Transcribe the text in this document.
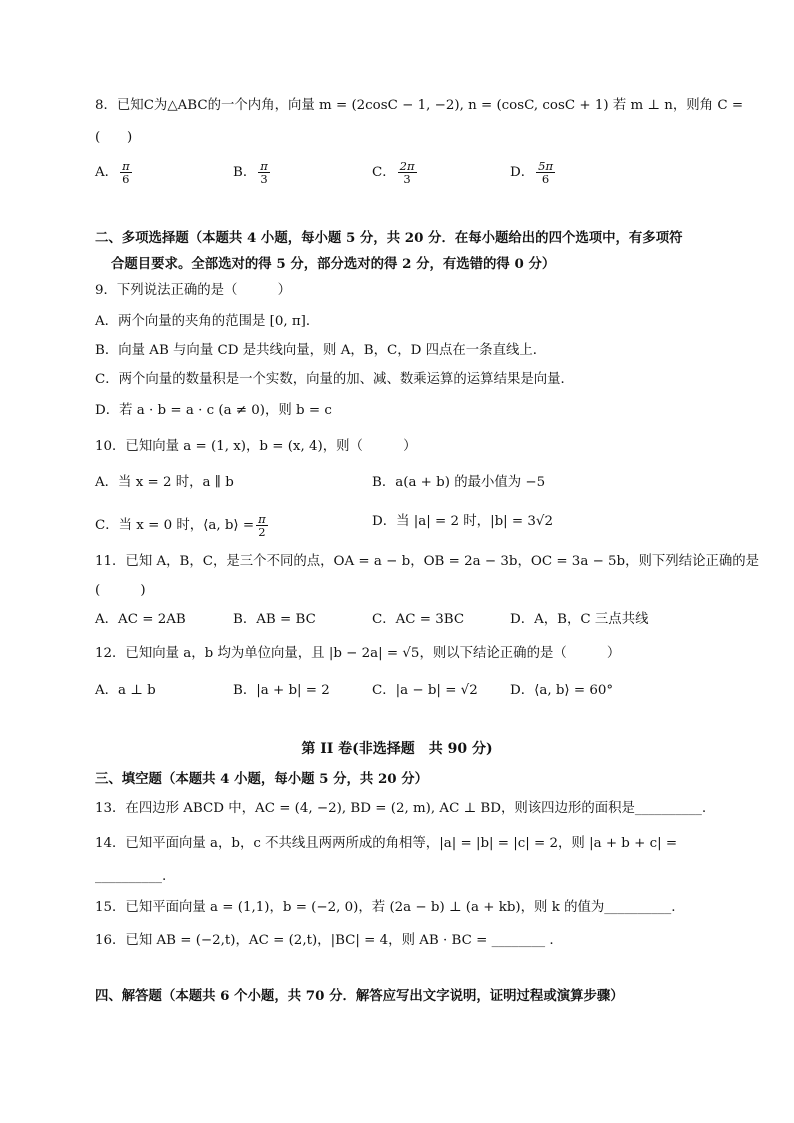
8．已知C为△ABC的一个内角，向量 m = (2cosC − 1, −2), n = (cosC, cosC + 1) 若 m ⊥ n，则角 C =
(　　)
A． $\frac{\pi}{6}$	B． $\frac{\pi}{3}$	C． $\frac{2\pi}{3}$	D． $\frac{5\pi}{6}$
二、多项选择题（本题共 4 小题，每小题 5 分，共 20 分．在每小题给出的四个选项中，有多项符
合题目要求。全部选对的得 5 分，部分选对的得 2 分，有选错的得 0 分）
9．下列说法正确的是（　　　）
A．两个向量的夹角的范围是 [0, π]．
B．向量 AB 与向量 CD 是共线向量，则 A，B，C，D 四点在一条直线上．
C．两个向量的数量积是一个实数，向量的加、减、数乘运算的运算结果是向量．
D．若 a · b = a · c (a ≠ 0)，则 b = c
10．已知向量 a = (1, x)，b = (x, 4)，则（　　　）
A．当 x = 2 时，a ∥ b	B．a(a + b) 的最小值为 −5
C．当 x = 0 时，⟨a, b⟩ = $\frac{\pi}{2}$	D．当 |a| = 2 时，|b| = 3√2
11．已知 A，B，C，是三个不同的点，OA = a − b，OB = 2a − 3b，OC = 3a − 5b，则下列结论正确的是
(　　　)
A．AC = 2AB	B．AB = BC	C．AC = 3BC	D．A，B，C 三点共线
12．已知向量 a，b 均为单位向量，且 |b − 2a| = √5，则以下结论正确的是（　　　）
A．a ⊥ b	B．|a + b| = 2	C．|a − b| = √2 D．⟨a, b⟩ = 60°
第 II 卷(非选择题　共 90 分)
三、填空题（本题共 4 小题，每小题 5 分，共 20 分）
13．在四边形 ABCD 中，AC = (4, −2), BD = (2, m), AC ⊥ BD，则该四边形的面积是__________.
14．已知平面向量 a，b，c 不共线且两两所成的角相等，|a| = |b| = |c| = 2，则 |a + b + c| =
__________.
15．已知平面向量 a = (1,1)，b = (−2, 0)，若 (2a − b) ⊥ (a + kb)，则 k 的值为__________.
16．已知 AB = (−2,t)，AC = (2,t)，|BC| = 4，则 AB · BC = ________ .
四、解答题（本题共 6 个小题，共 70 分．解答应写出文字说明，证明过程或演算步骤）
